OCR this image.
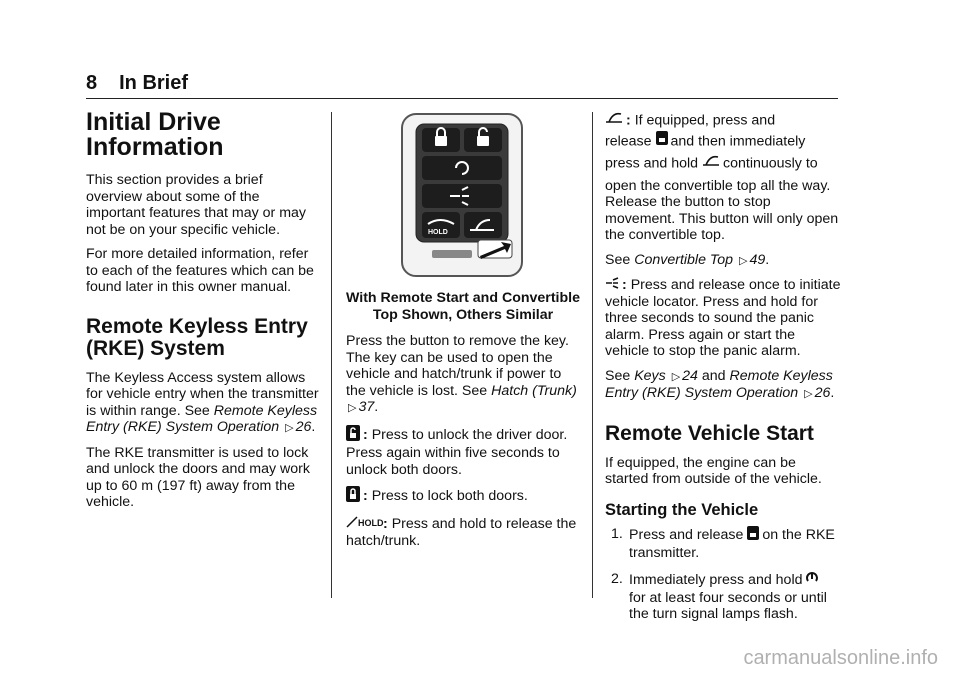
8 In Brief
Initial Drive Information

This section provides a brief overview about some of the important features that may or may not be on your specific vehicle.

For more detailed information, refer to each of the features which can be found later in this owner manual.

Remote Keyless Entry (RKE) System

The Keyless Access system allows for vehicle entry when the transmitter is within range. See Remote Keyless Entry (RKE) System Operation ▷ 26.

The RKE transmitter is used to lock and unlock the doors and may work up to 60 m (197 ft) away from the vehicle.

HOLD
With Remote Start and Convertible
Top Shown, Others Similar

Press the button to remove the key. The key can be used to open the vehicle and hatch/trunk if power to the vehicle is lost. See Hatch (Trunk) ▷ 37.

: Press to unlock the driver door. Press again within five seconds to unlock both doors.

: Press to lock both doors.

HOLD : Press and hold to release the hatch/trunk.

: If equipped, press and
release and then immediately
press and hold continuously to

open the convertible top all the way. Release the button to stop movement. This button will only open the convertible top.

See Convertible Top ▷ 49.

: Press and release once to initiate vehicle locator. Press and hold for three seconds to sound the panic alarm. Press again or start the vehicle to stop the panic alarm.

See Keys ▷ 24 and Remote Keyless Entry (RKE) System Operation ▷ 26.

Remote Vehicle Start

If equipped, the engine can be started from outside of the vehicle.

Starting the Vehicle
1. Press and release on the RKE transmitter.
2. Immediately press and hold
for at least four seconds or until the turn signal lamps flash.
carmanualsonline.info
